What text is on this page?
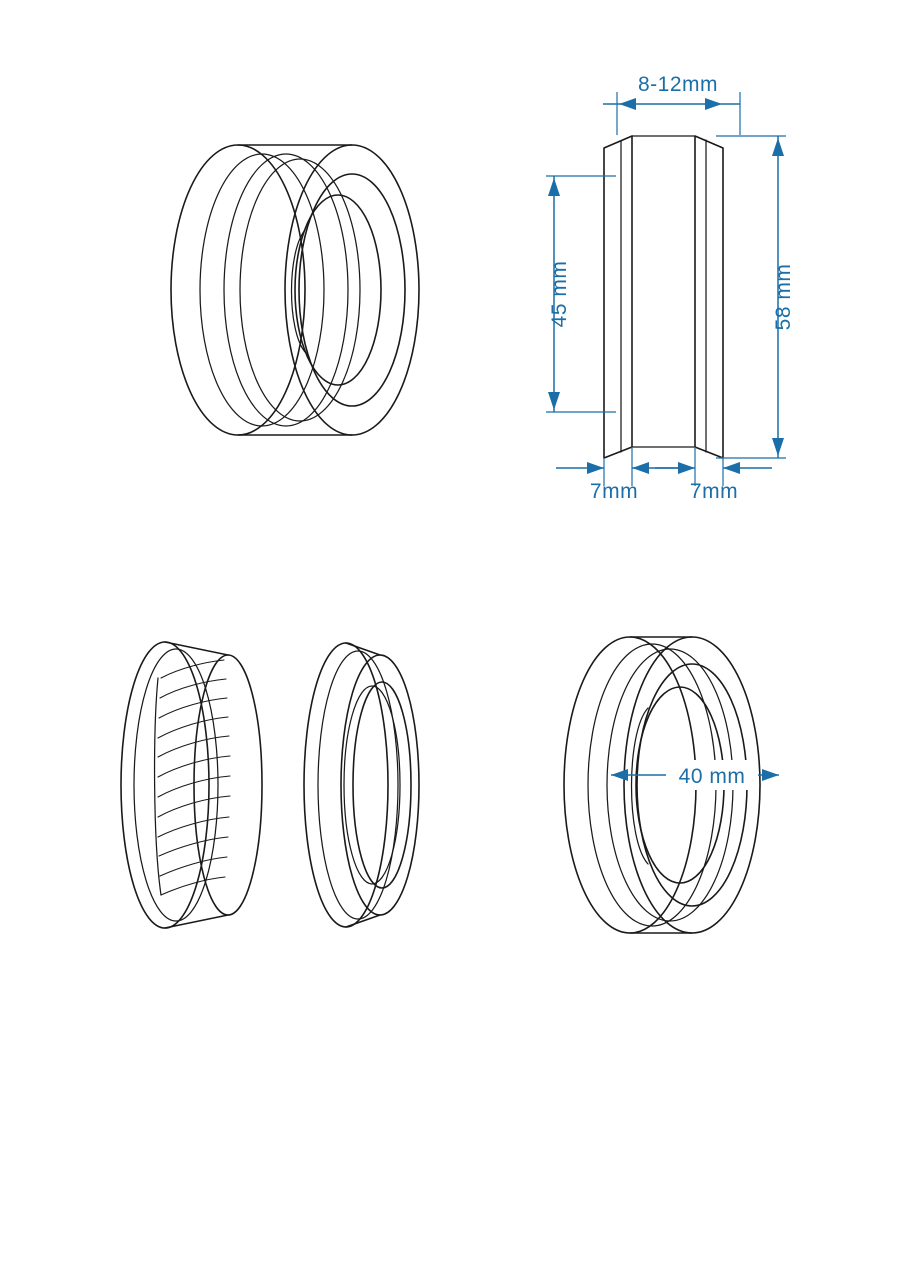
8-12mm
45 mm	58 mm
7mm 7mm
40 mm
